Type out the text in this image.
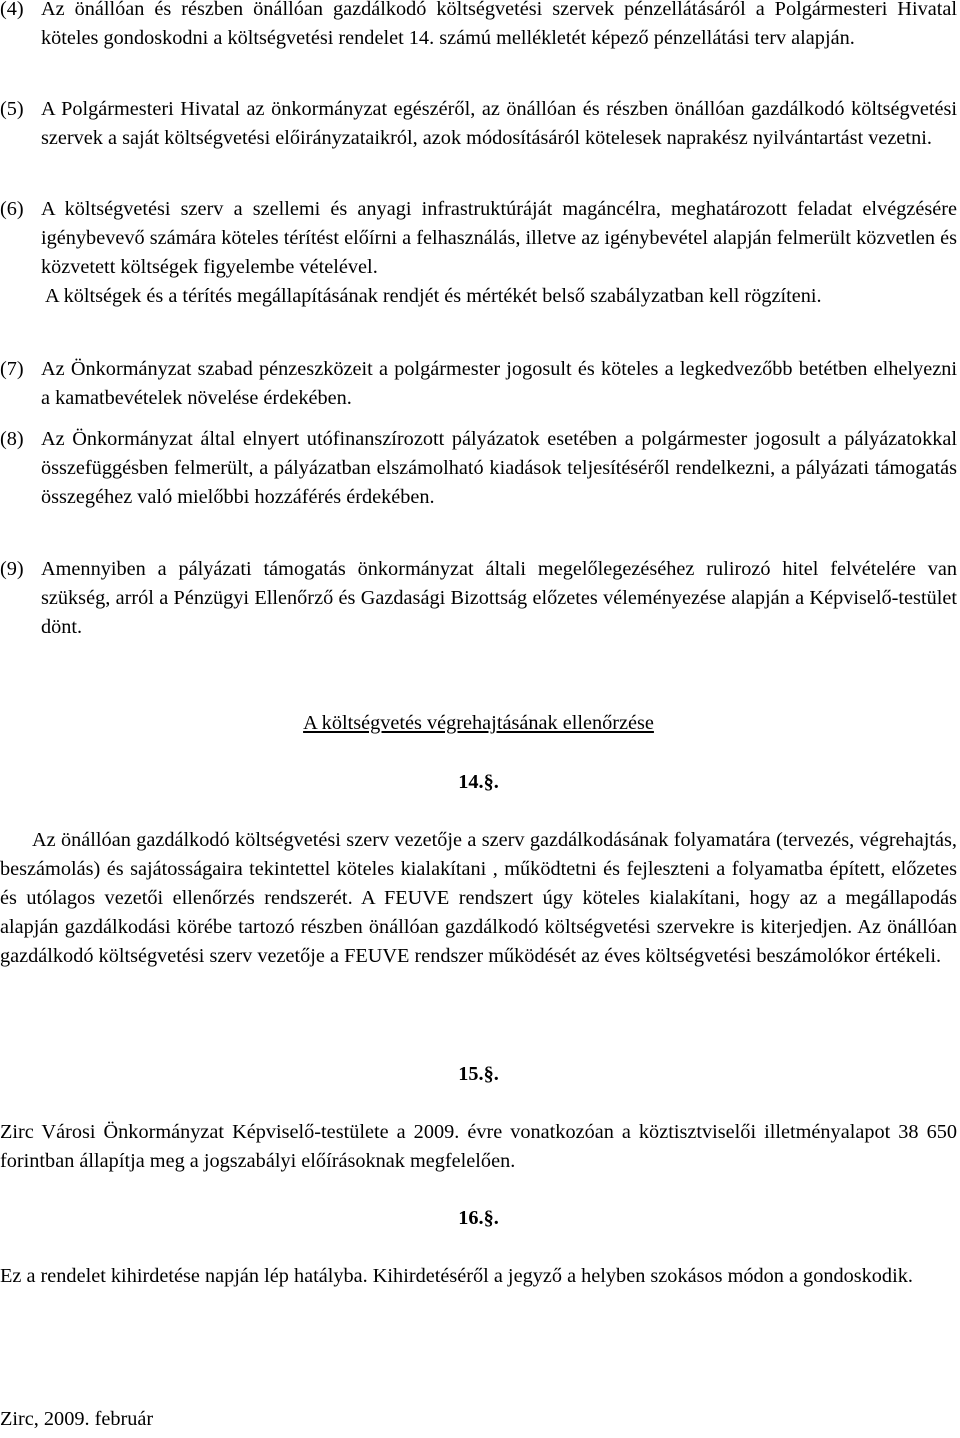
(4) Az önállóan és részben önállóan gazdálkodó költségvetési szervek pénzellátásáról a Polgármesteri Hivatal köteles gondoskodni a költségvetési rendelet 14. számú mellékletét képező pénzellátási terv alapján.
(5) A Polgármesteri Hivatal az önkormányzat egészéről, az önállóan és részben önállóan gazdálkodó költségvetési szervek a saját költségvetési előirányzataikról, azok módosításáról kötelesek naprakész nyilvántartást vezetni.
(6) A költségvetési szerv a szellemi és anyagi infrastruktúráját magáncélra, meghatározott feladat elvégzésére igénybevevő számára köteles térítést előírni a felhasználás, illetve az igénybevétel alapján felmerült közvetlen és közvetett költségek figyelembe vételével.
A költségek és a térítés megállapításának rendjét és mértékét belső szabályzatban kell rögzíteni.
(7) Az Önkormányzat szabad pénzeszközeit a polgármester jogosult és köteles a legkedvezőbb betétben elhelyezni a kamatbevételek növelése érdekében.
(8) Az Önkormányzat által elnyert utófinanszírozott pályázatok esetében a polgármester jogosult a pályázatokkal összefüggésben felmerült, a pályázatban elszámolható kiadások teljesítéséről rendelkezni, a pályázati támogatás összegéhez való mielőbbi hozzáférés érdekében.
(9) Amennyiben a pályázati támogatás önkormányzat általi megelőlegezéséhez rulirozó hitel felvételére van szükség, arról a Pénzügyi Ellenőrző és Gazdasági Bizottság előzetes véleményezése alapján a Képviselő-testület dönt.
A költségvetés végrehajtásának ellenőrzése
14.§.

Az önállóan gazdálkodó költségvetési szerv vezetője a szerv gazdálkodásának folyamatára (tervezés, végrehajtás, beszámolás) és sajátosságaira tekintettel köteles kialakítani , működtetni és fejleszteni a folyamatba épített, előzetes és utólagos vezetői ellenőrzés rendszerét. A FEUVE rendszert úgy köteles kialakítani, hogy az a megállapodás alapján gazdálkodási körébe tartozó részben önállóan gazdálkodó költségvetési szervekre is kiterjedjen. Az önállóan gazdálkodó költségvetési szerv vezetője a FEUVE rendszer működését az éves költségvetési beszámolókor értékeli.

15.§.

Zirc Városi Önkormányzat Képviselő-testülete a 2009. évre vonatkozóan a köztisztviselői illetményalapot 38 650 forintban állapítja meg a jogszabályi előírásoknak megfelelően.

16.§.

Ez a rendelet kihirdetése napján lép hatályba. Kihirdetéséről a jegyző a helyben szokásos módon a gondoskodik.

Zirc, 2009. február
